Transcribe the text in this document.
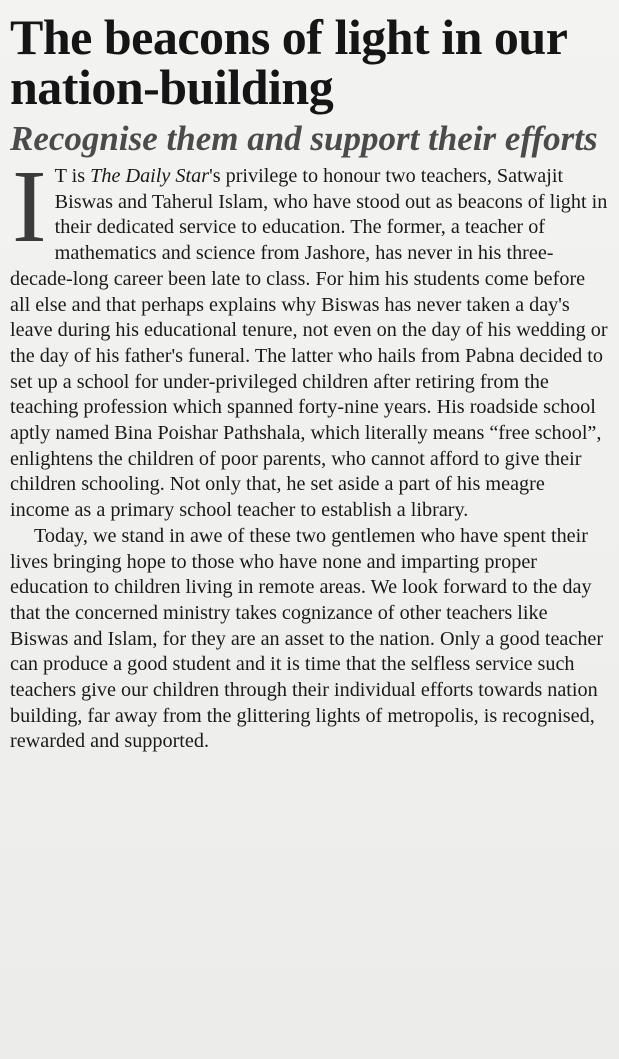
The beacons of light in our nation-building
Recognise them and support their efforts

I T is The Daily Star's privilege to honour two teachers, Satwajit Biswas and Taherul Islam, who have stood out as beacons of light in their dedicated service to education. The former, a teacher of mathematics and science from Jashore, has never in his three-decade-long career been late to class. For him his students come before all else and that perhaps explains why Biswas has never taken a day's leave during his educational tenure, not even on the day of his wedding or the day of his father's funeral. The latter who hails from Pabna decided to set up a school for under-privileged children after retiring from the teaching profession which spanned forty-nine years. His roadside school aptly named Bina Poishar Pathshala, which literally means “free school”, enlightens the children of poor parents, who cannot afford to give their children schooling. Not only that, he set aside a part of his meagre income as a primary school teacher to establish a library.

Today, we stand in awe of these two gentlemen who have spent their lives bringing hope to those who have none and imparting proper education to children living in remote areas. We look forward to the day that the concerned ministry takes cognizance of other teachers like Biswas and Islam, for they are an asset to the nation. Only a good teacher can produce a good student and it is time that the selfless service such teachers give our children through their individual efforts towards nation building, far away from the glittering lights of metropolis, is recognised, rewarded and supported.
